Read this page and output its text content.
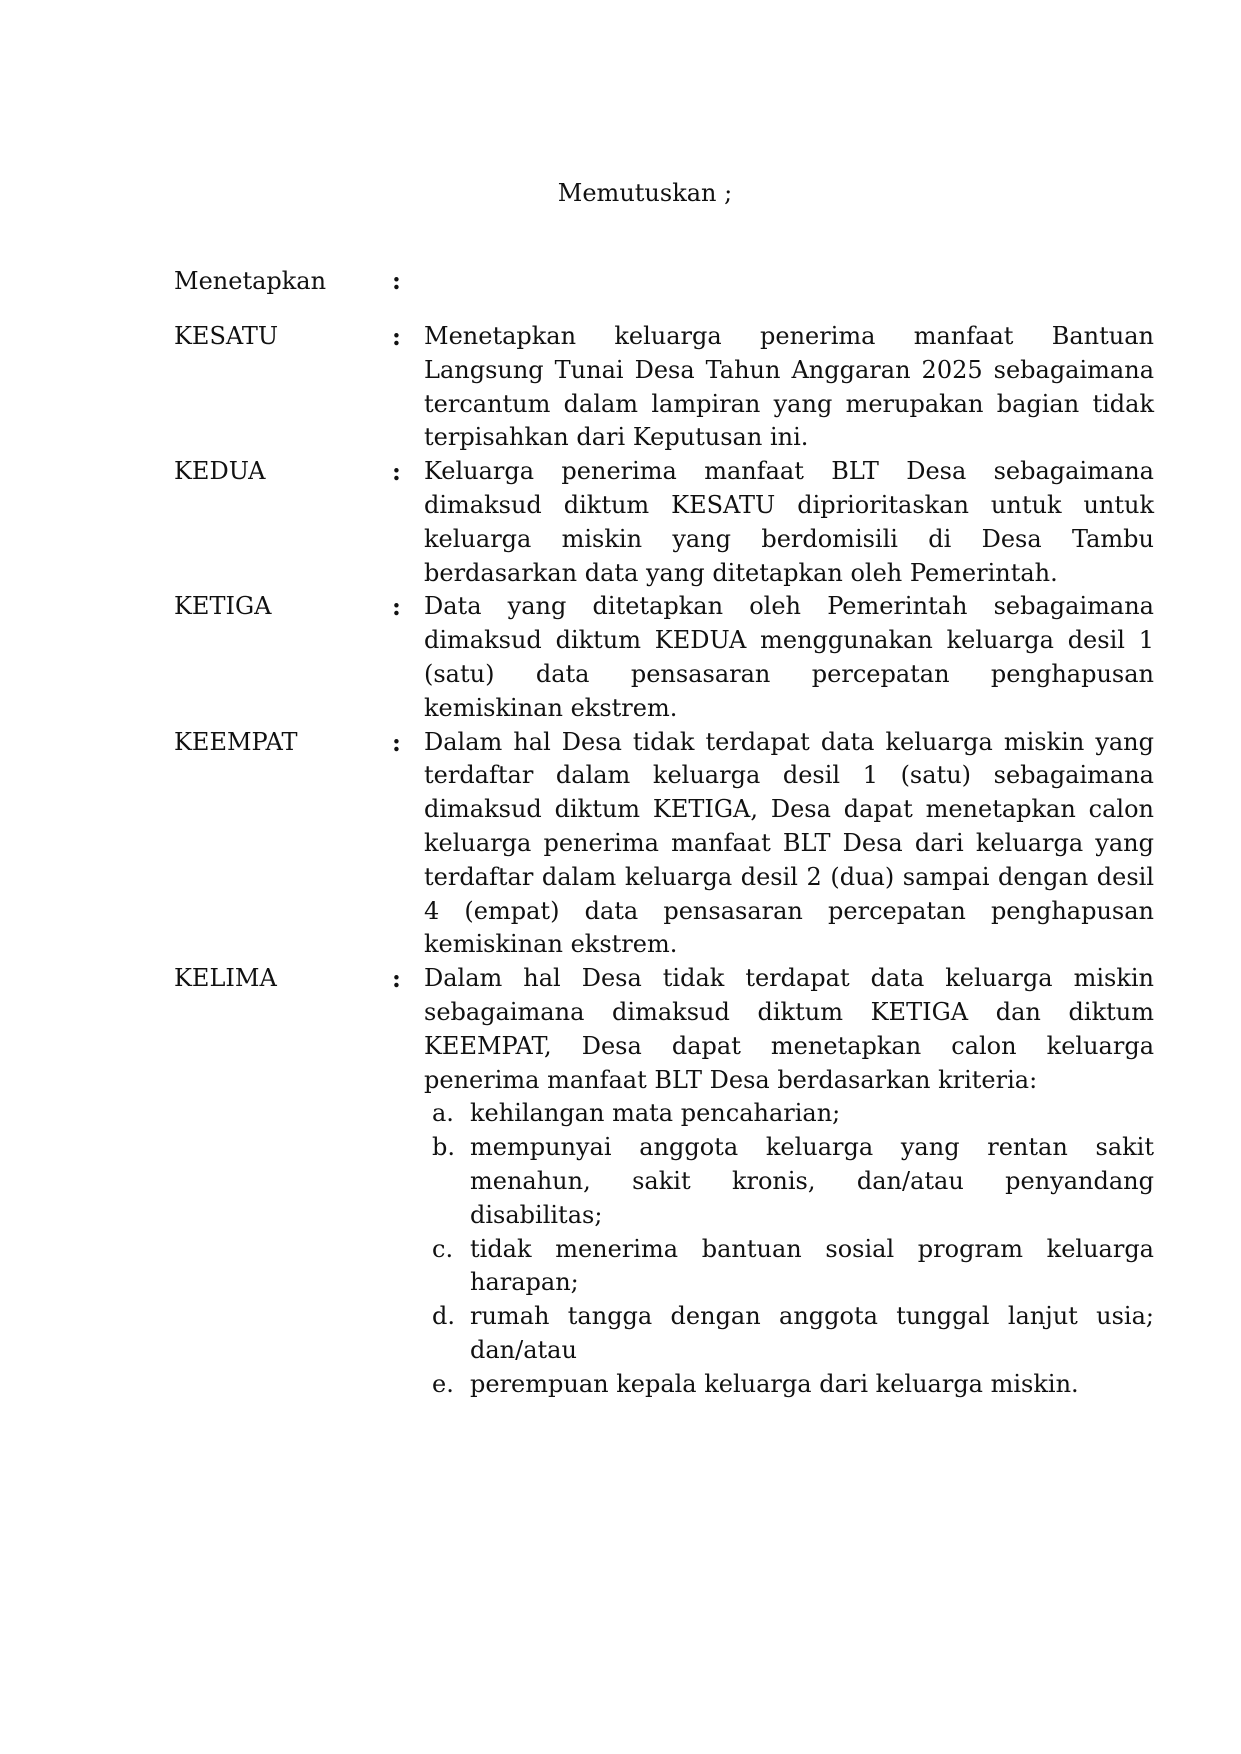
Memutuskan ;
Menetapkan	:
KESATU	: Menetapkan keluarga penerima manfaat Bantuan Langsung Tunai Desa Tahun Anggaran 2025 sebagaimana tercantum dalam lampiran yang merupakan bagian tidak terpisahkan dari Keputusan ini.

KEDUA	: Keluarga penerima manfaat BLT Desa sebagaimana dimaksud diktum KESATU diprioritaskan untuk untuk keluarga miskin yang berdomisili di Desa Tambu berdasarkan data yang ditetapkan oleh Pemerintah.

KETIGA	: Data yang ditetapkan oleh Pemerintah sebagaimana dimaksud diktum KEDUA menggunakan keluarga desil 1 (satu) data pensasaran percepatan penghapusan kemiskinan ekstrem.

KEEMPAT	: Dalam hal Desa tidak terdapat data keluarga miskin yang terdaftar dalam keluarga desil 1 (satu) sebagaimana dimaksud diktum KETIGA, Desa dapat menetapkan calon keluarga penerima manfaat BLT Desa dari keluarga yang terdaftar dalam keluarga desil 2 (dua) sampai dengan desil 4 (empat) data pensasaran percepatan penghapusan kemiskinan ekstrem.

KELIMA	: Dalam hal Desa tidak terdapat data keluarga miskin sebagaimana dimaksud diktum KETIGA dan diktum KEEMPAT, Desa dapat menetapkan calon keluarga penerima manfaat BLT Desa berdasarkan kriteria:

a. kehilangan mata pencaharian;
b. mempunyai anggota keluarga yang rentan sakit menahun, sakit kronis, dan/atau penyandang disabilitas;
c. tidak menerima bantuan sosial program keluarga harapan;
d. rumah tangga dengan anggota tunggal lanjut usia; dan/atau
e. perempuan kepala keluarga dari keluarga miskin.
